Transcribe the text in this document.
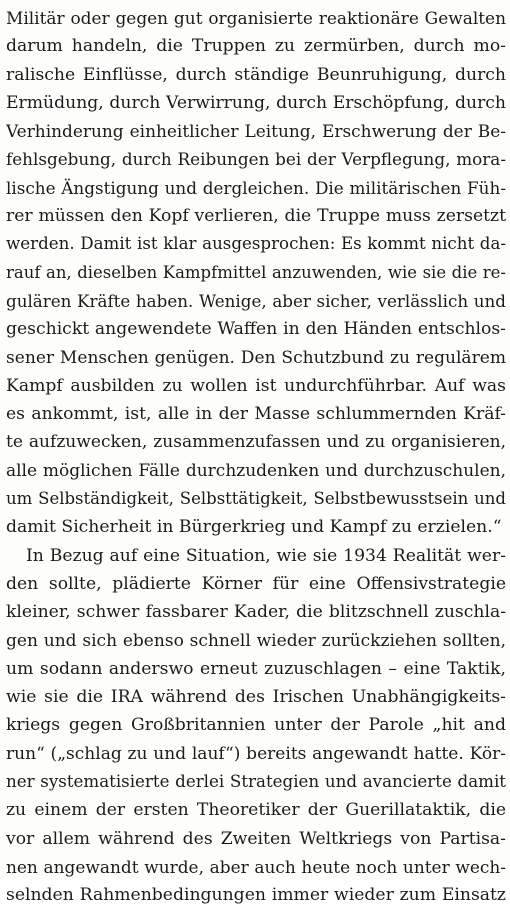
Militär oder gegen gut organisierte reaktionäre Gewalten
darum handeln, die Truppen zu zermürben, durch mo-
ralische Einflüsse, durch ständige Beunruhigung, durch
Ermüdung, durch Verwirrung, durch Erschöpfung, durch
Verhinderung einheitlicher Leitung, Erschwerung der Be-
fehlsgebung, durch Reibungen bei der Verpflegung, mora-
lische Ängstigung und dergleichen. Die militärischen Füh-
rer müssen den Kopf verlieren, die Truppe muss zersetzt
werden. Damit ist klar ausgesprochen: Es kommt nicht da-
rauf an, dieselben Kampfmittel anzuwenden, wie sie die re-
gulären Kräfte haben. Wenige, aber sicher, verlässlich und
geschickt angewendete Waffen in den Händen entschlos-
sener Menschen genügen. Den Schutzbund zu regulärem
Kampf ausbilden zu wollen ist undurchführbar. Auf was
es ankommt, ist, alle in der Masse schlummernden Kräf-
te aufzuwecken, zusammenzufassen und zu organisieren,
alle möglichen Fälle durchzudenken und durchzuschulen,
um Selbständigkeit, Selbsttätigkeit, Selbstbewusstsein und
damit Sicherheit in Bürgerkrieg und Kampf zu erzielen.“
In Bezug auf eine Situation, wie sie 1934 Realität wer-
den sollte, plädierte Körner für eine Offensivstrategie
kleiner, schwer fassbarer Kader, die blitzschnell zuschla-
gen und sich ebenso schnell wieder zurückziehen sollten,
um sodann anderswo erneut zuzuschlagen – eine Taktik,
wie sie die IRA während des Irischen Unabhängigkeits-
kriegs gegen Großbritannien unter der Parole „hit and
run“ („schlag zu und lauf“) bereits angewandt hatte. Kör-
ner systematisierte derlei Strategien und avancierte damit
zu einem der ersten Theoretiker der Guerillataktik, die
vor allem während des Zweiten Weltkriegs von Partisa-
nen angewandt wurde, aber auch heute noch unter wech-
selnden Rahmenbedingungen immer wieder zum Einsatz
